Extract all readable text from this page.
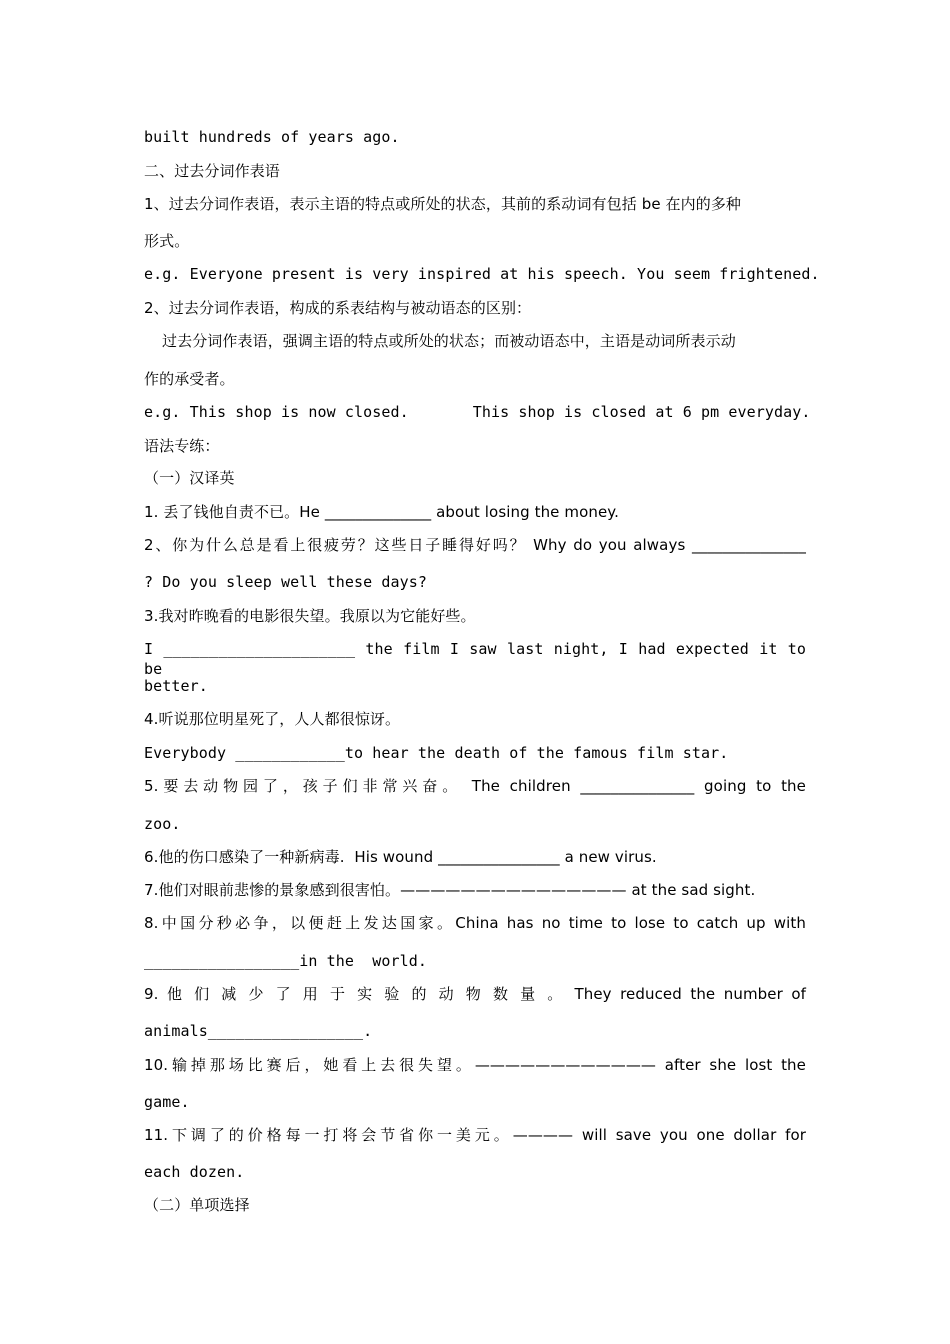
built hundreds of years ago.
二、过去分词作表语
1、过去分词作表语，表示主语的特点或所处的状态，其前的系动词有包括 be 在内的多种
形式。
e.g. Everyone present is very inspired at his speech. You seem frightened.
2、过去分词作表语，构成的系表结构与被动语态的区别：
过去分词作表语，强调主语的特点或所处的状态；而被动语态中，主语是动词所表示动
作的承受者。
e.g. This shop is now closed.       This shop is closed at 6 pm everyday.
语法专练：
（一）汉译英
1. 丢了钱他自责不已。He ______________ about losing the money.
2、你为什么总是看上很疲劳？这些日子睡得好吗？ Why do you always _______________
? Do you sleep well these days?
3.我对昨晚看的电影很失望。我原以为它能好些。
I _____________________ the film I saw last night, I had expected it to be
better.
4.听说那位明星死了，人人都很惊讶。
Everybody ____________to hear the death of the famous film star.
5.要去动物园了，孩子们非常兴奋。 The children _______________ going to the
zoo.
6.他的伤口感染了一种新病毒.  His wound ________________ a new virus.
7.他们对眼前悲惨的景象感到很害怕。——————————————— at the sad sight.
8.中国分秒必争，以便赶上发达国家。China has no time to lose to catch up with
_________________in the  world.
9. 他 们 减 少 了 用 于 实 验 的 动 物 数 量 。 They reduced the number of
animals_________________.
10.输掉那场比赛后，她看上去很失望。———————————— after she lost the
game.
11.下调了的价格每一打将会节省你一美元。———— will save you one dollar for
each dozen.
（二）单项选择
